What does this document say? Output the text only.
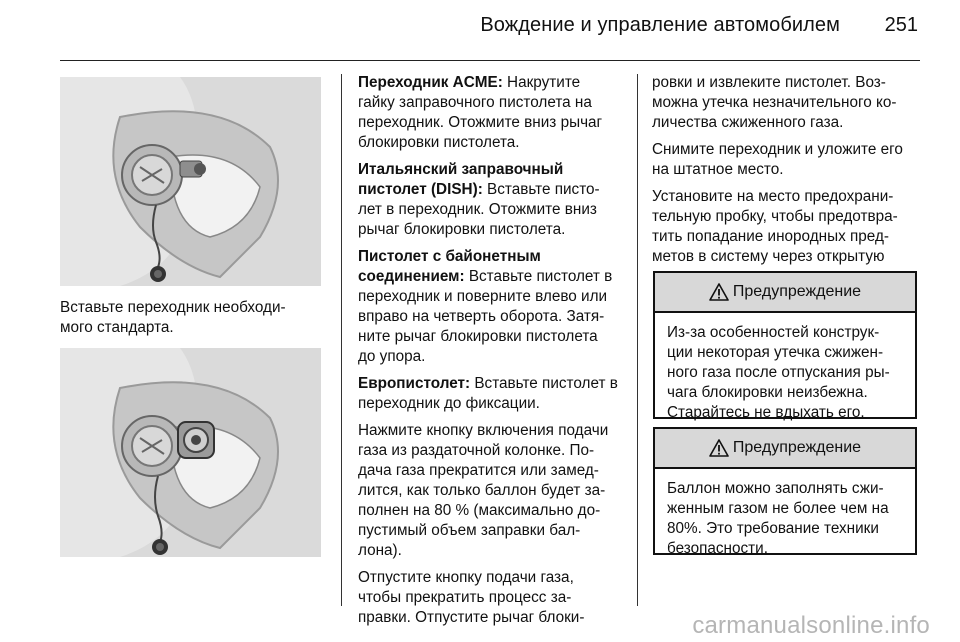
Вождение и управление автомобилем	251
Вставьте переходник необходи-
мого стандарта.

Переходник ACME: Накрутите
гайку заправочного пистолета на
переходник. Отожмите вниз рычаг
блокировки пистолета.

Итальянский заправочный
пистолет (DISH): Вставьте писто-
лет в переходник. Отожмите вниз
рычаг блокировки пистолета.

Пистолет с байонетным
соединением: Вставьте пистолет в
переходник и поверните влево или
вправо на четверть оборота. Затя-
ните рычаг блокировки пистолета
до упора.

Европистолет: Вставьте пистолет в
переходник до фиксации.

Нажмите кнопку включения подачи
газа из раздаточной колонке. По-
дача газа прекратится или замед-
лится, как только баллон будет за-
полнен на 80 % (максимально до-
пустимый объем заправки бал-
лона).

Отпустите кнопку подачи газа,
чтобы прекратить процесс за-
правки. Отпустите рычаг блоки-

ровки и извлеките пистолет. Воз-
можна утечка незначительного ко-
личества сжиженного газа.

Снимите переходник и уложите его
на штатное место.

Установите на место предохрани-
тельную пробку, чтобы предотвра-
тить попадание инородных пред-
метов в систему через открытую

Предупреждение
Из-за особенностей конструк-
ции некоторая утечка сжижен-
ного газа после отпускания ры-
чага блокировки неизбежна.
Старайтесь не вдыхать его.
Предупреждение
Баллон можно заполнять сжи-
женным газом не более чем на
80%. Это требование техники
безопасности.
carmanualsonline.info
